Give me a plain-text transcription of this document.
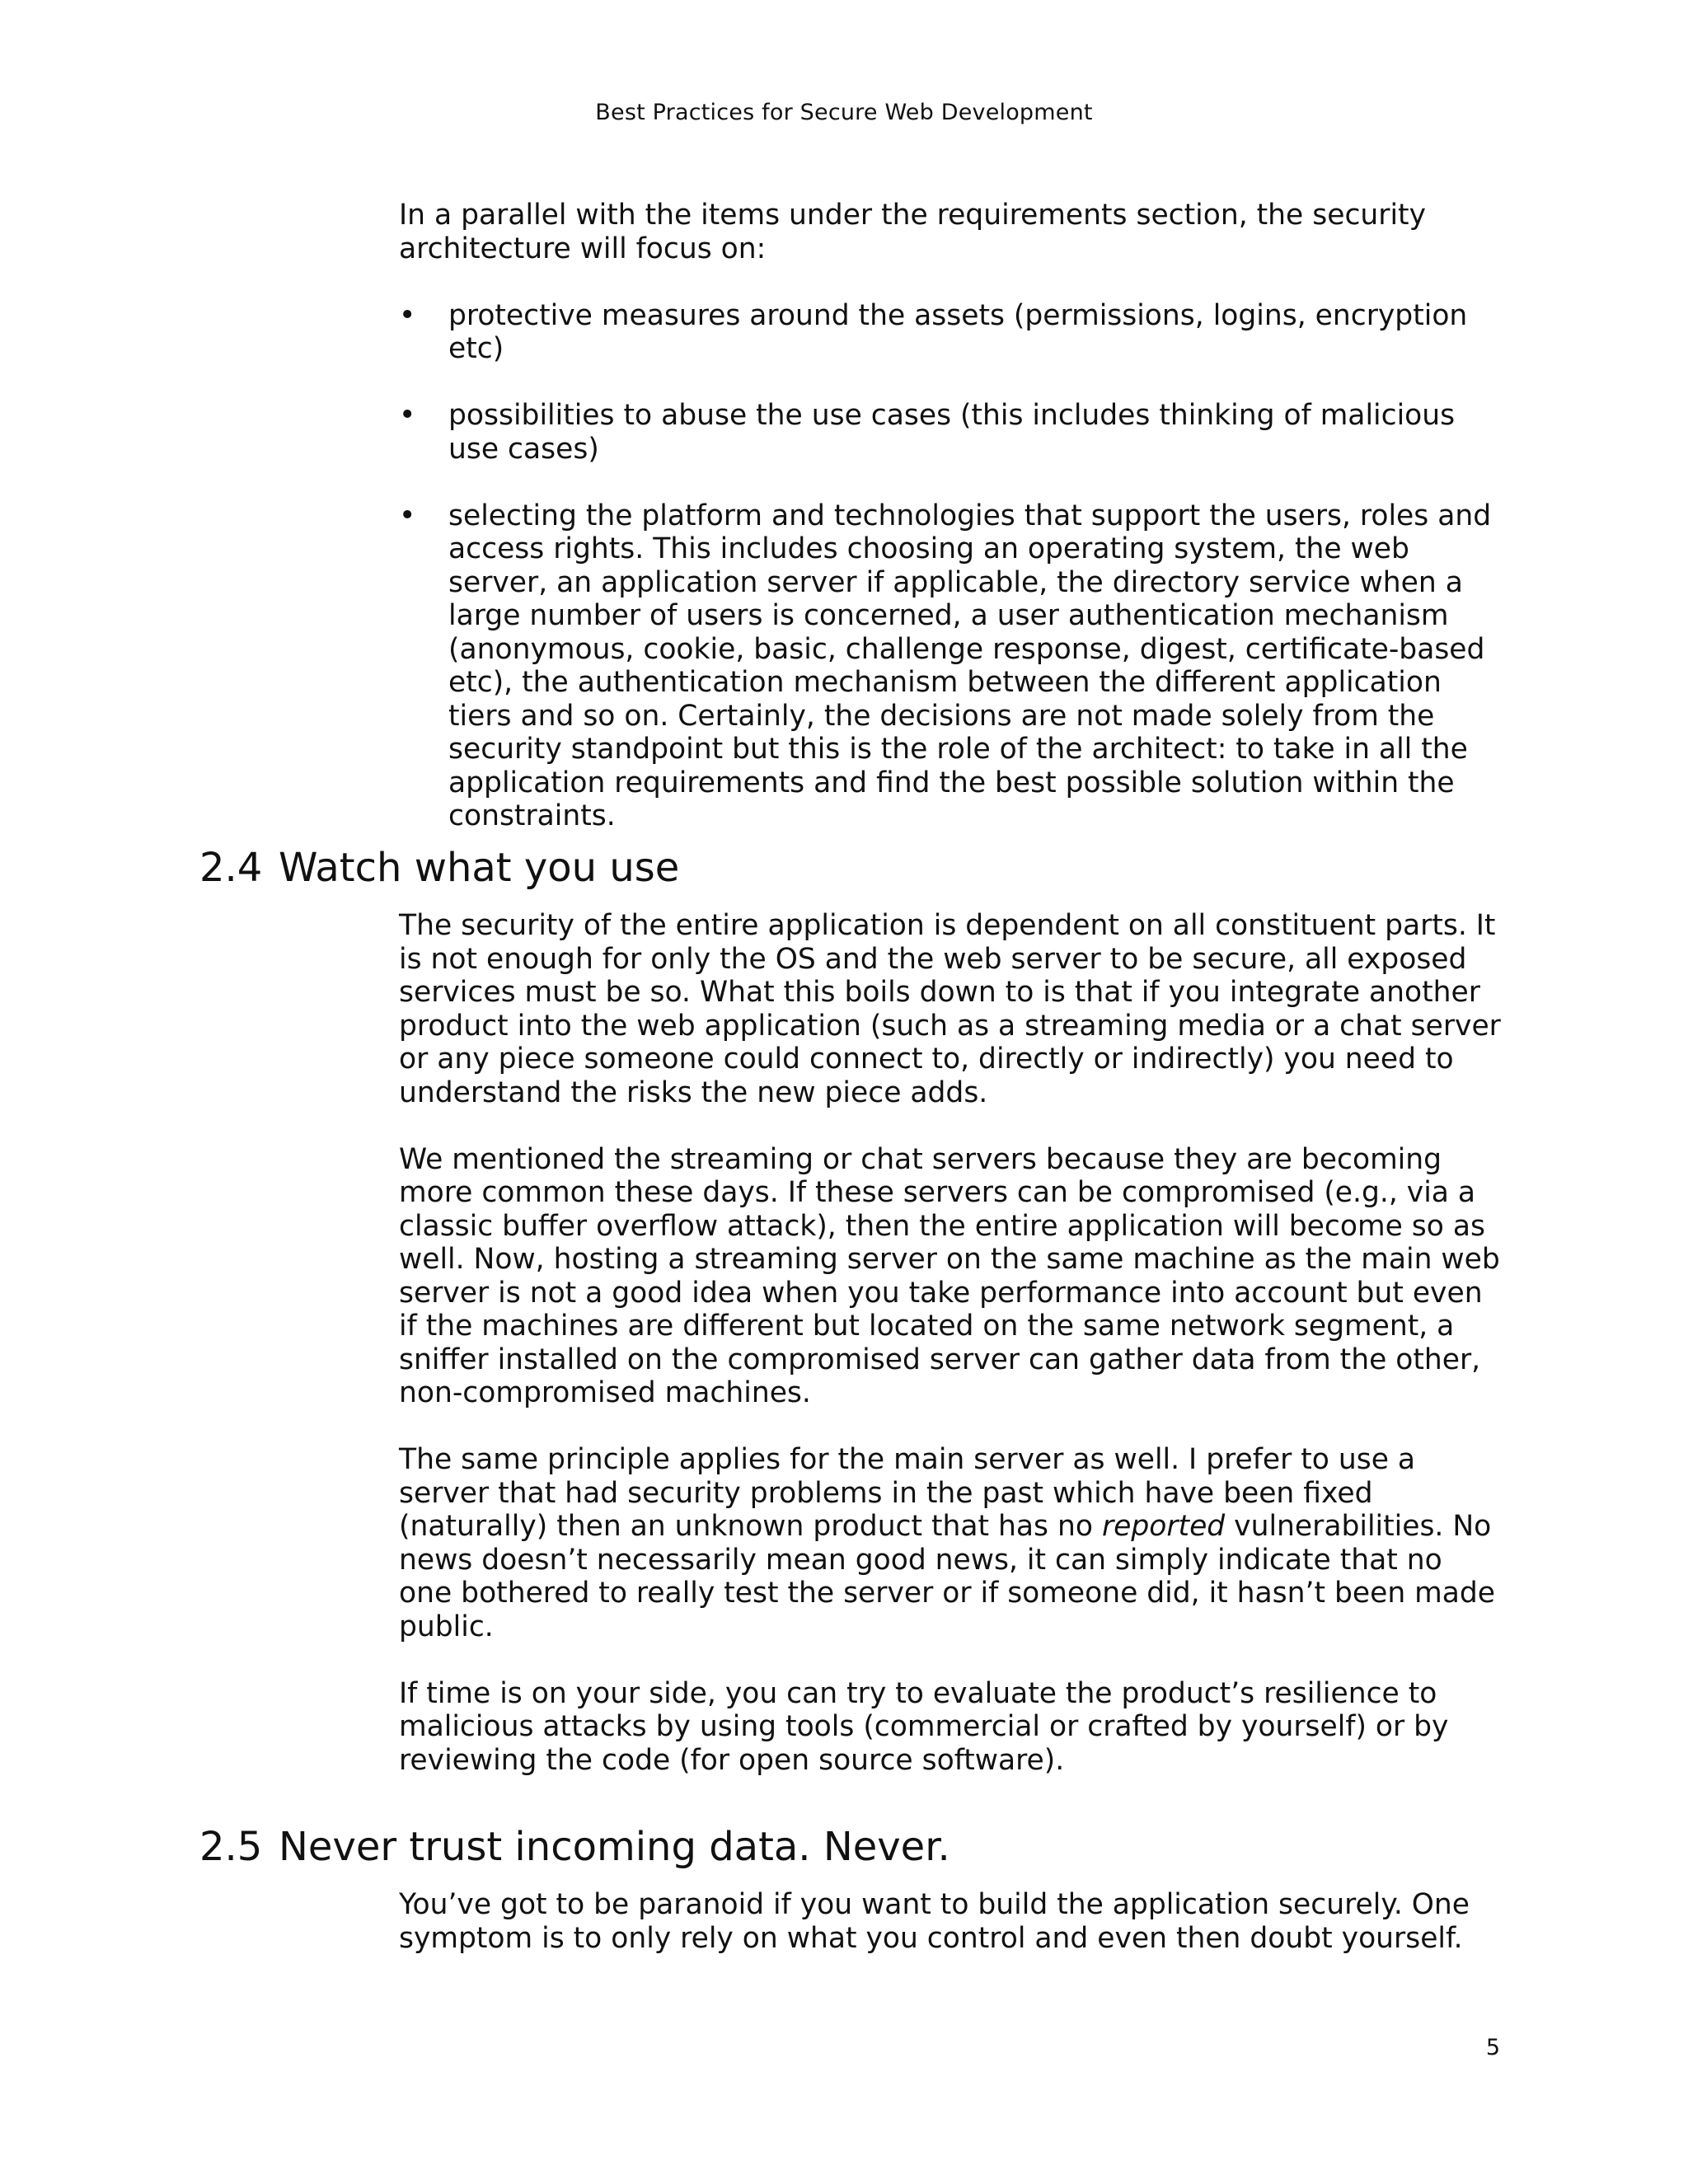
Best Practices for Secure Web Development

In a parallel with the items under the requirements section, the security architecture will focus on:

• protective measures around the assets (permissions, logins, encryption etc)
• possibilities to abuse the use cases (this includes thinking of malicious use cases)
• selecting the platform and technologies that support the users, roles and access rights. This includes choosing an operating system, the web server, an application server if applicable, the directory service when a large number of users is concerned, a user authentication mechanism (anonymous, cookie, basic, challenge response, digest, certificate-based etc), the authentication mechanism between the different application tiers and so on. Certainly, the decisions are not made solely from the security standpoint but this is the role of the architect: to take in all the application requirements and find the best possible solution within the constraints.
2.4 Watch what you use

The security of the entire application is dependent on all constituent parts. It is not enough for only the OS and the web server to be secure, all exposed services must be so. What this boils down to is that if you integrate another product into the web application (such as a streaming media or a chat server or any piece someone could connect to, directly or indirectly) you need to understand the risks the new piece adds.

We mentioned the streaming or chat servers because they are becoming more common these days. If these servers can be compromised (e.g., via a classic buffer overflow attack), then the entire application will become so as well. Now, hosting a streaming server on the same machine as the main web server is not a good idea when you take performance into account but even if the machines are different but located on the same network segment, a sniffer installed on the compromised server can gather data from the other, non-compromised machines.

The same principle applies for the main server as well. I prefer to use a server that had security problems in the past which have been fixed (naturally) then an unknown product that has no reported vulnerabilities. No news doesn’t necessarily mean good news, it can simply indicate that no one bothered to really test the server or if someone did, it hasn’t been made public.

If time is on your side, you can try to evaluate the product’s resilience to malicious attacks by using tools (commercial or crafted by yourself) or by reviewing the code (for open source software).

2.5 Never trust incoming data. Never.

You’ve got to be paranoid if you want to build the application securely. One symptom is to only rely on what you control and even then doubt yourself.

5
